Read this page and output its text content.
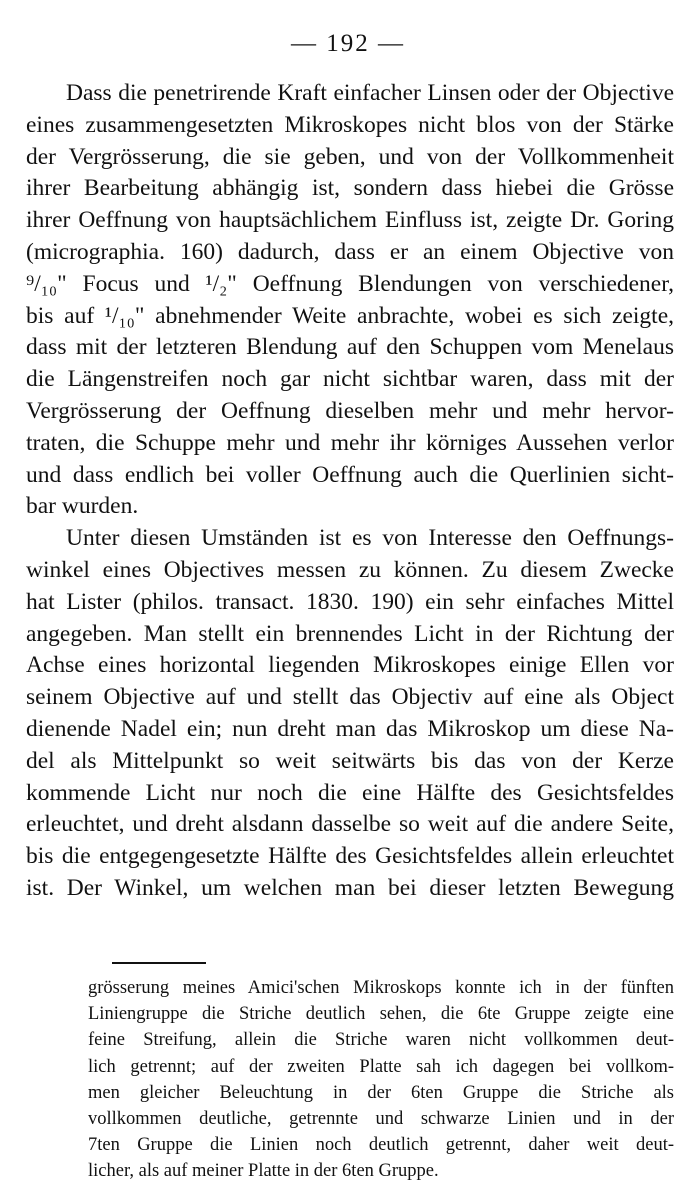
— 192 —
Dass die penetrirende Kraft einfacher Linsen oder der Objective
eines zusammengesetzten Mikroskopes nicht blos von der Stärke
der Vergrösserung, die sie geben, und von der Vollkommenheit
ihrer Bearbeitung abhängig ist, sondern dass hiebei die Grösse
ihrer Oeffnung von hauptsächlichem Einfluss ist, zeigte Dr. Goring
(micrographia. 160) dadurch, dass er an einem Objective von
⁹/₁₀" Focus und ¹/₂" Oeffnung Blendungen von verschiedener,
bis auf ¹/₁₀" abnehmender Weite anbrachte, wobei es sich zeigte,
dass mit der letzteren Blendung auf den Schuppen vom Menelaus
die Längenstreifen noch gar nicht sichtbar waren, dass mit der
Vergrösserung der Oeffnung dieselben mehr und mehr hervor-
traten, die Schuppe mehr und mehr ihr körniges Aussehen verlor
und dass endlich bei voller Oeffnung auch die Querlinien sicht-
bar wurden.
Unter diesen Umständen ist es von Interesse den Oeffnungs-
winkel eines Objectives messen zu können. Zu diesem Zwecke
hat Lister (philos. transact. 1830. 190) ein sehr einfaches Mittel
angegeben. Man stellt ein brennendes Licht in der Richtung der
Achse eines horizontal liegenden Mikroskopes einige Ellen vor
seinem Objective auf und stellt das Objectiv auf eine als Object
dienende Nadel ein; nun dreht man das Mikroskop um diese Na-
del als Mittelpunkt so weit seitwärts bis das von der Kerze
kommende Licht nur noch die eine Hälfte des Gesichtsfeldes
erleuchtet, und dreht alsdann dasselbe so weit auf die andere Seite,
bis die entgegengesetzte Hälfte des Gesichtsfeldes allein erleuchtet
ist. Der Winkel, um welchen man bei dieser letzten Bewegung
grösserung meines Amici'schen Mikroskops konnte ich in der fünften
Liniengruppe die Striche deutlich sehen, die 6te Gruppe zeigte eine
feine Streifung, allein die Striche waren nicht vollkommen deut-
lich getrennt; auf der zweiten Platte sah ich dagegen bei vollkom-
men gleicher Beleuchtung in der 6ten Gruppe die Striche als
vollkommen deutliche, getrennte und schwarze Linien und in der
7ten Gruppe die Linien noch deutlich getrennt, daher weit deut-
licher, als auf meiner Platte in der 6ten Gruppe.
